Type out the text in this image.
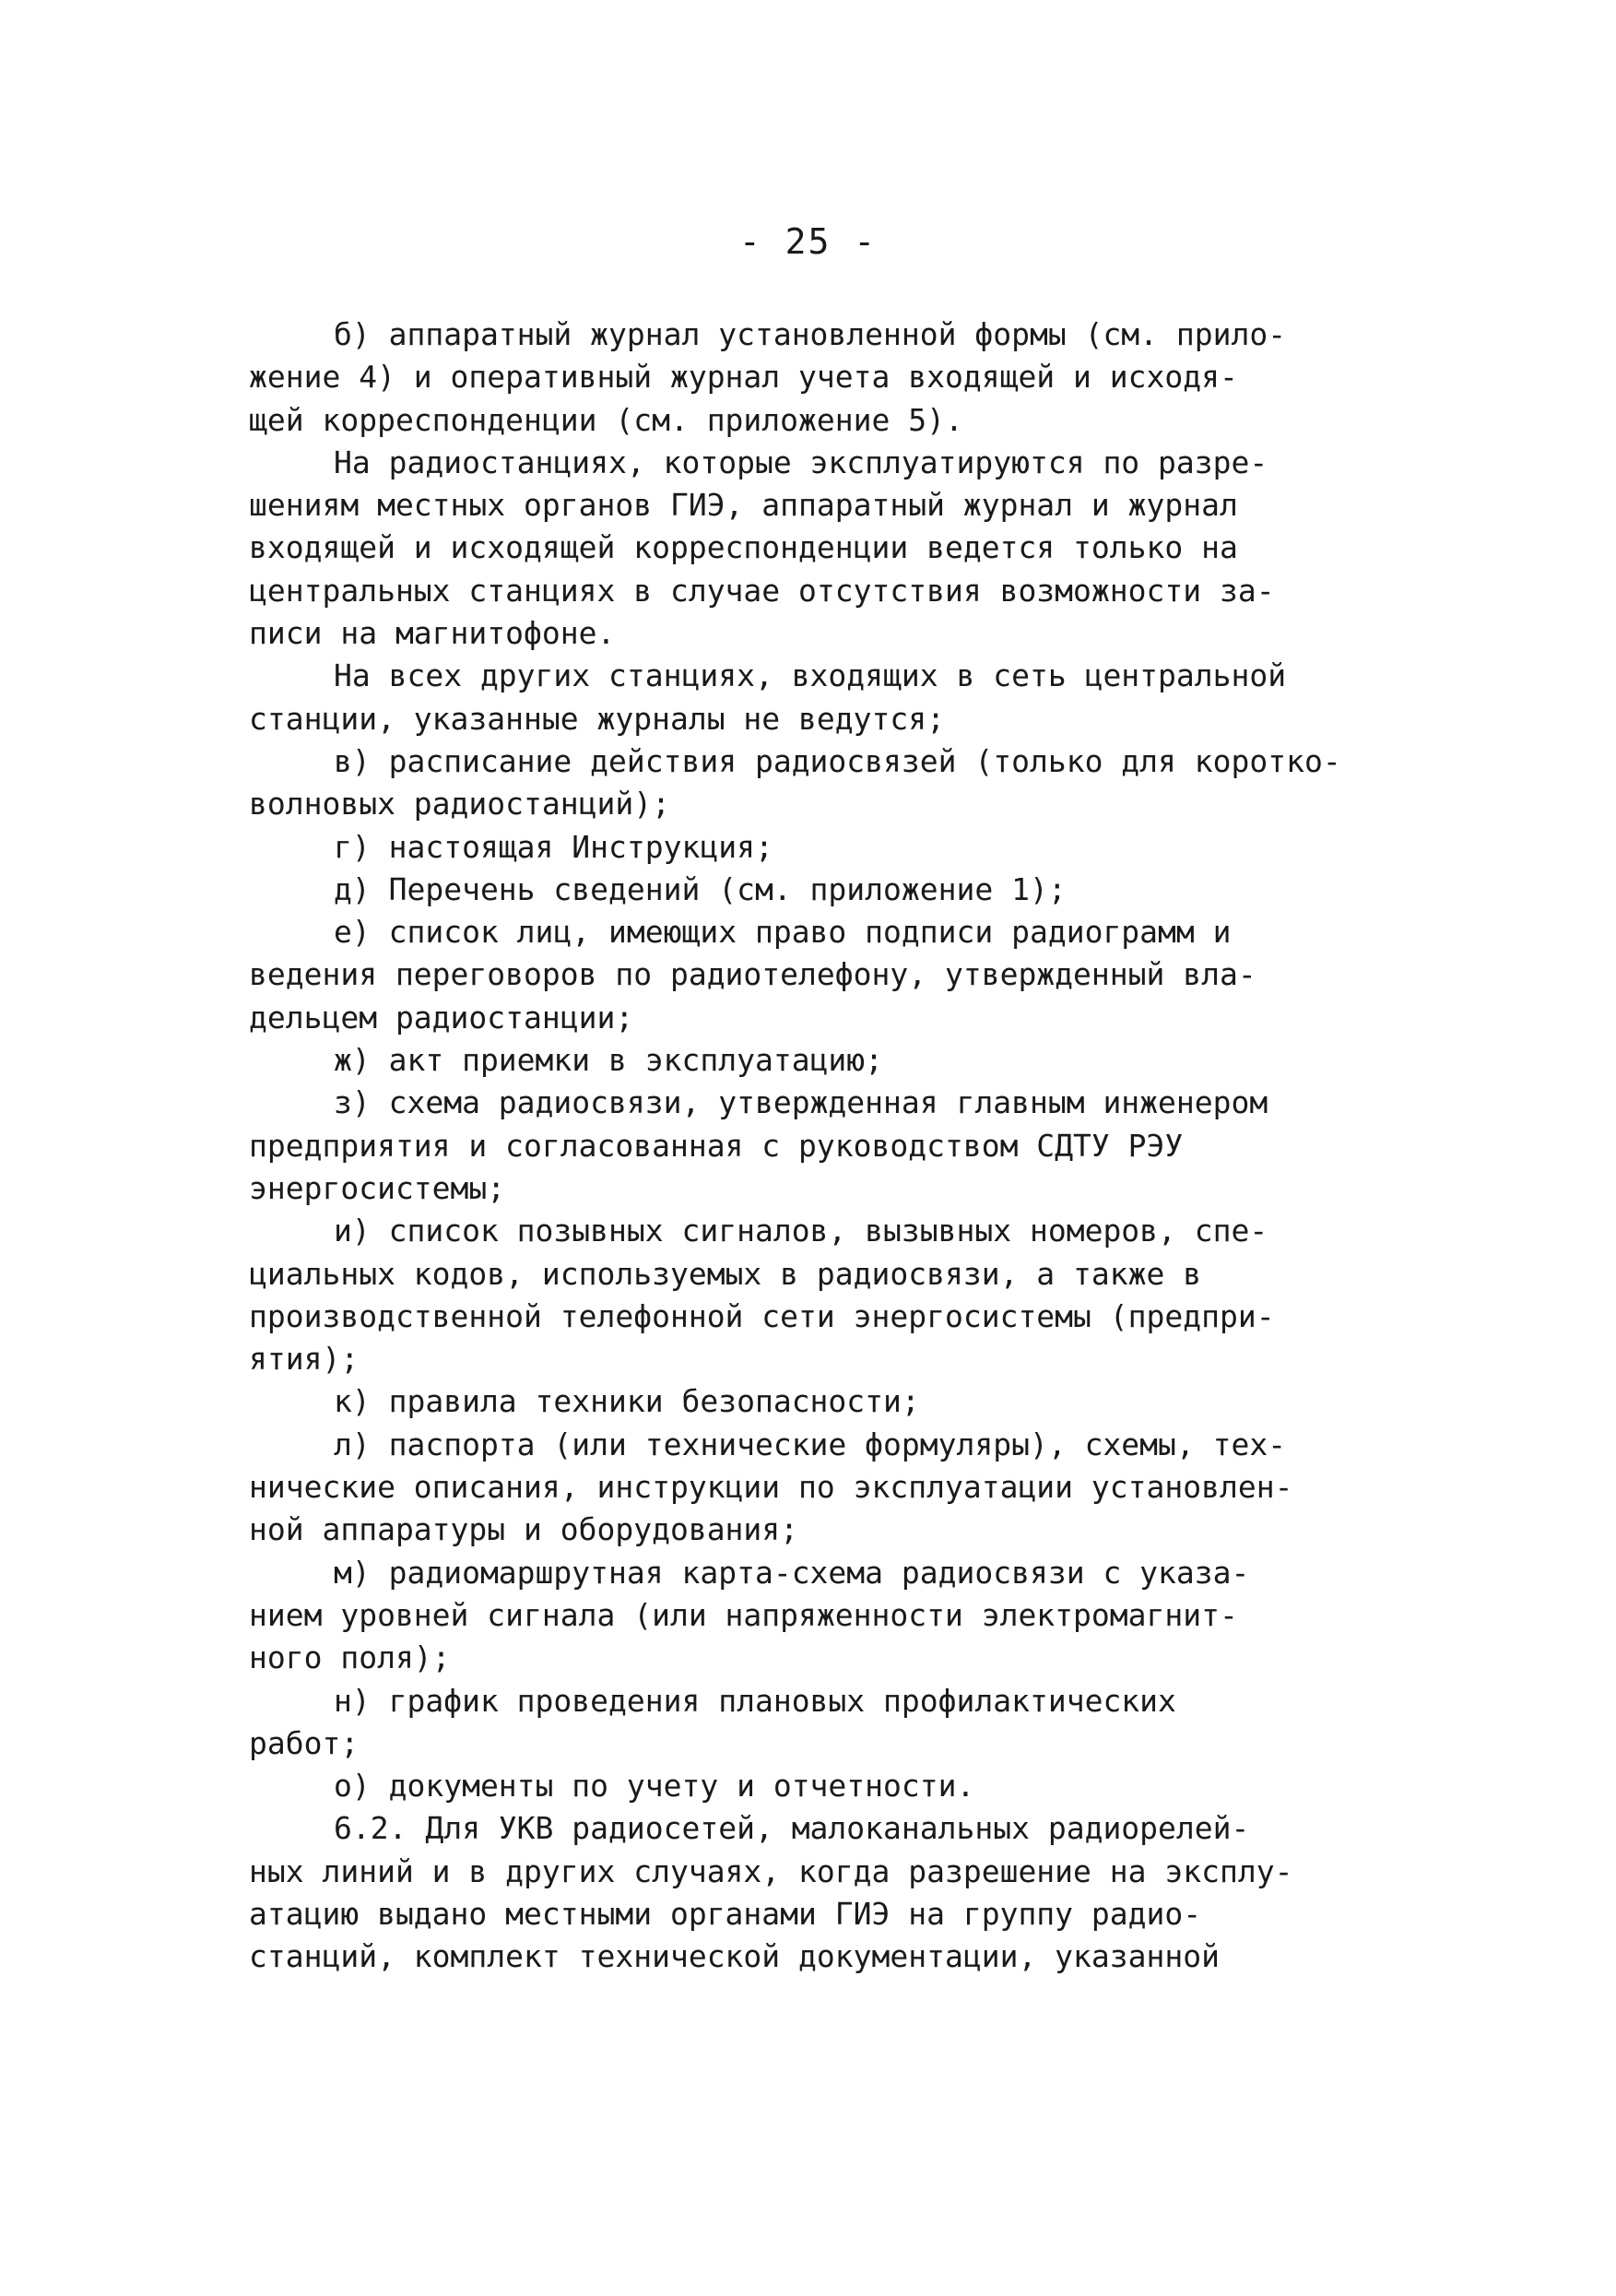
- 25 -
б) аппаратный журнал установленной формы (см. прило-
жение 4) и оперативный журнал учета входящей и исходя-
щей корреспонденции (см. приложение 5).
На радиостанциях, которые эксплуатируются по разре-
шениям местных органов ГИЭ, аппаратный журнал и журнал
входящей и исходящей корреспонденции ведется только на
центральных станциях в случае отсутствия возможности за-
писи на магнитофоне.
На всех других станциях, входящих в сеть центральной
станции, указанные журналы не ведутся;
в) расписание действия радиосвязей (только для коротко-
волновых радиостанций);
г) настоящая Инструкция;
д) Перечень сведений (см. приложение 1);
е) список лиц, имеющих право подписи радиограмм и
ведения переговоров по радиотелефону, утвержденный вла-
дельцем радиостанции;
ж) акт приемки в эксплуатацию;
з) схема радиосвязи, утвержденная главным инженером
предприятия и согласованная с руководством СДТУ РЭУ
энергосистемы;
и) список позывных сигналов, вызывных номеров, спе-
циальных кодов, используемых в радиосвязи, а также в
производственной телефонной сети энергосистемы (предпри-
ятия);
к) правила техники безопасности;
л) паспорта (или технические формуляры), схемы, тех-
нические описания, инструкции по эксплуатации установлен-
ной аппаратуры и оборудования;
м) радиомаршрутная карта-схема радиосвязи с указа-
нием уровней сигнала (или напряженности электромагнит-
ного поля);
н) график проведения плановых профилактических
работ;
о) документы по учету и отчетности.
6.2. Для УКВ радиосетей, малоканальных радиорелей-
ных линий и в других случаях, когда разрешение на эксплу-
атацию выдано местными органами ГИЭ на группу радио-
станций, комплект технической документации, указанной
